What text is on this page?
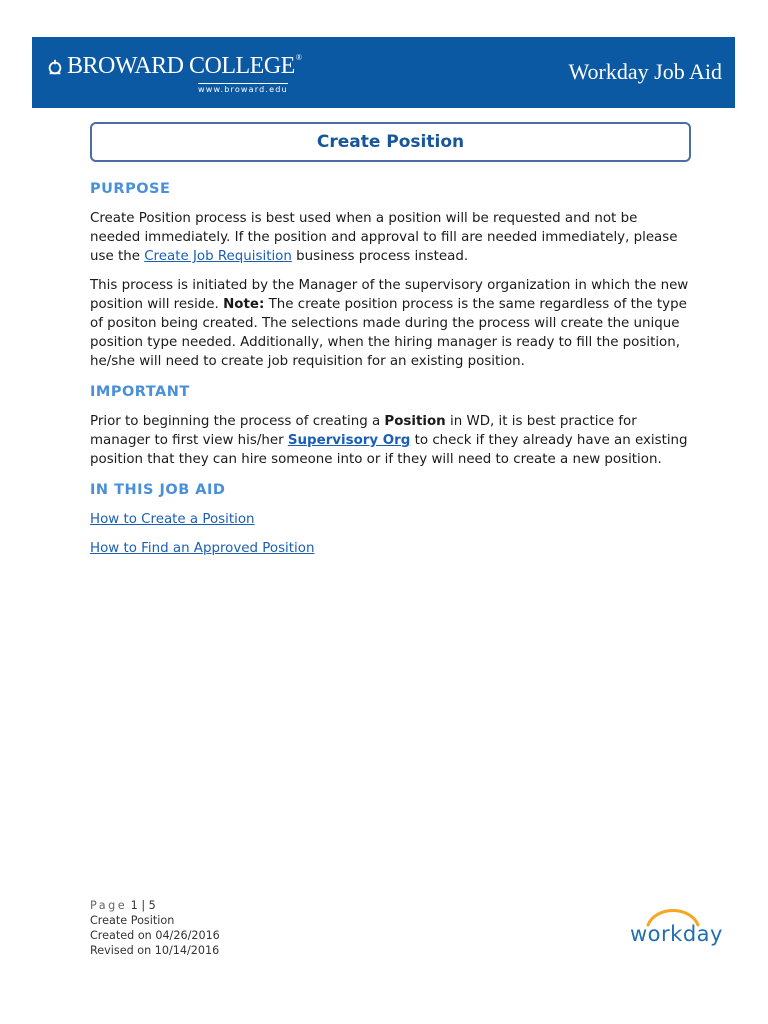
BROWARD COLLEGE ®
www.broward.edu
Workday Job Aid
Create Position
PURPOSE

Create Position process is best used when a position will be requested and not be needed immediately. If the position and approval to fill are needed immediately, please use the Create Job Requisition business process instead.

This process is initiated by the Manager of the supervisory organization in which the new position will reside. Note: The create position process is the same regardless of the type of positon being created. The selections made during the process will create the unique position type needed. Additionally, when the hiring manager is ready to fill the position, he/she will need to create job requisition for an existing position.

IMPORTANT

Prior to beginning the process of creating a Position in WD, it is best practice for manager to first view his/her Supervisory Org to check if they already have an existing position that they can hire someone into or if they will need to create a new position.

IN THIS JOB AID
How to Create a Position
How to Find an Approved Position
Page 1 | 5
Create Position
Created on 04/26/2016
Revised on 10/14/2016
workday
